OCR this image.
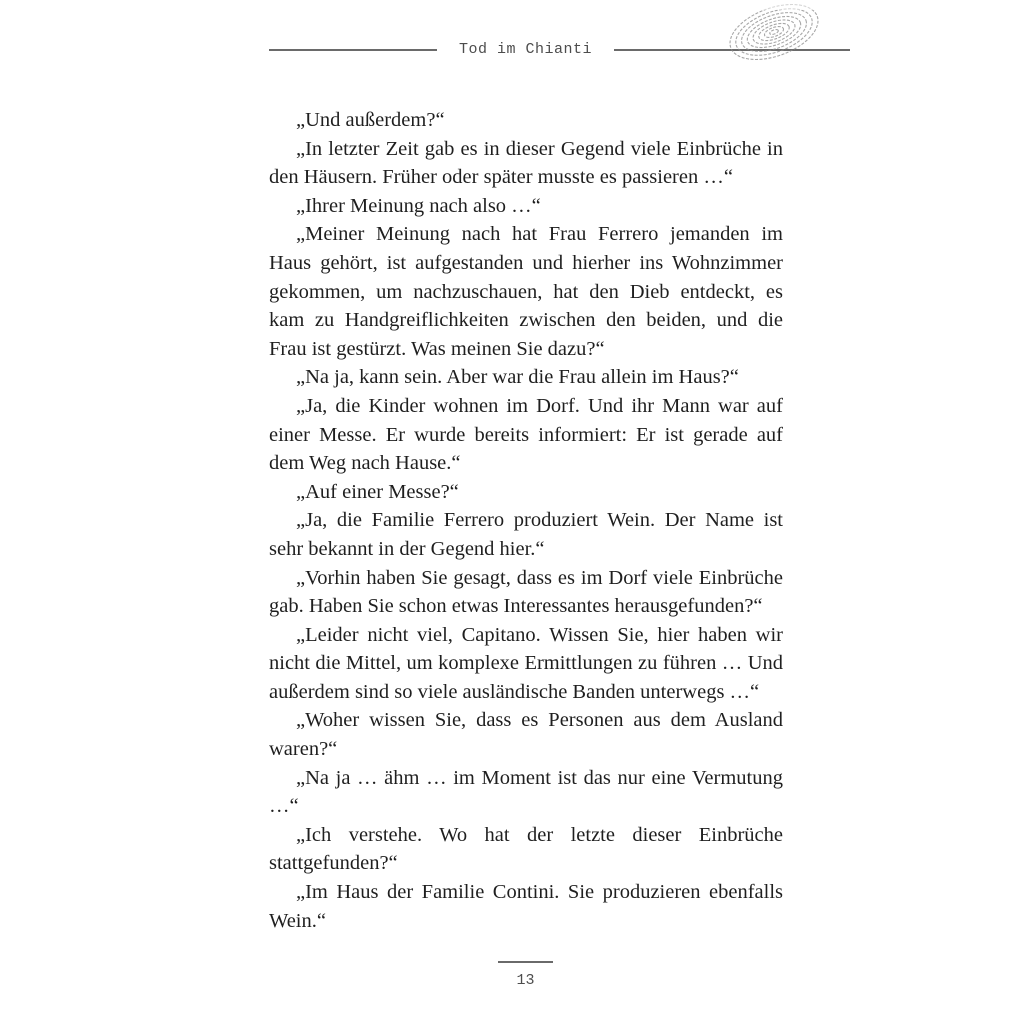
Tod im Chianti

„Und außerdem?“

„In letzter Zeit gab es in dieser Gegend viele Einbrüche in den Häusern. Früher oder später musste es passieren …“

„Ihrer Meinung nach also …“

„Meiner Meinung nach hat Frau Ferrero jemanden im Haus gehört, ist aufgestanden und hierher ins Wohnzimmer gekommen, um nachzuschauen, hat den Dieb entdeckt, es kam zu Handgreiflichkeiten zwischen den beiden, und die Frau ist gestürzt. Was meinen Sie dazu?“

„Na ja, kann sein. Aber war die Frau allein im Haus?“

„Ja, die Kinder wohnen im Dorf. Und ihr Mann war auf einer Messe. Er wurde bereits informiert: Er ist gerade auf dem Weg nach Hause.“

„Auf einer Messe?“

„Ja, die Familie Ferrero produziert Wein. Der Name ist sehr bekannt in der Gegend hier.“

„Vorhin haben Sie gesagt, dass es im Dorf viele Einbrüche gab. Haben Sie schon etwas Interessantes herausgefunden?“

„Leider nicht viel, Capitano. Wissen Sie, hier haben wir nicht die Mittel, um komplexe Ermittlungen zu führen … Und außerdem sind so viele ausländische Banden unterwegs …“

„Woher wissen Sie, dass es Personen aus dem Ausland waren?“

„Na ja … ähm … im Moment ist das nur eine Vermutung …“

„Ich verstehe. Wo hat der letzte dieser Einbrüche stattgefunden?“

„Im Haus der Familie Contini. Sie produzieren ebenfalls Wein.“

13
